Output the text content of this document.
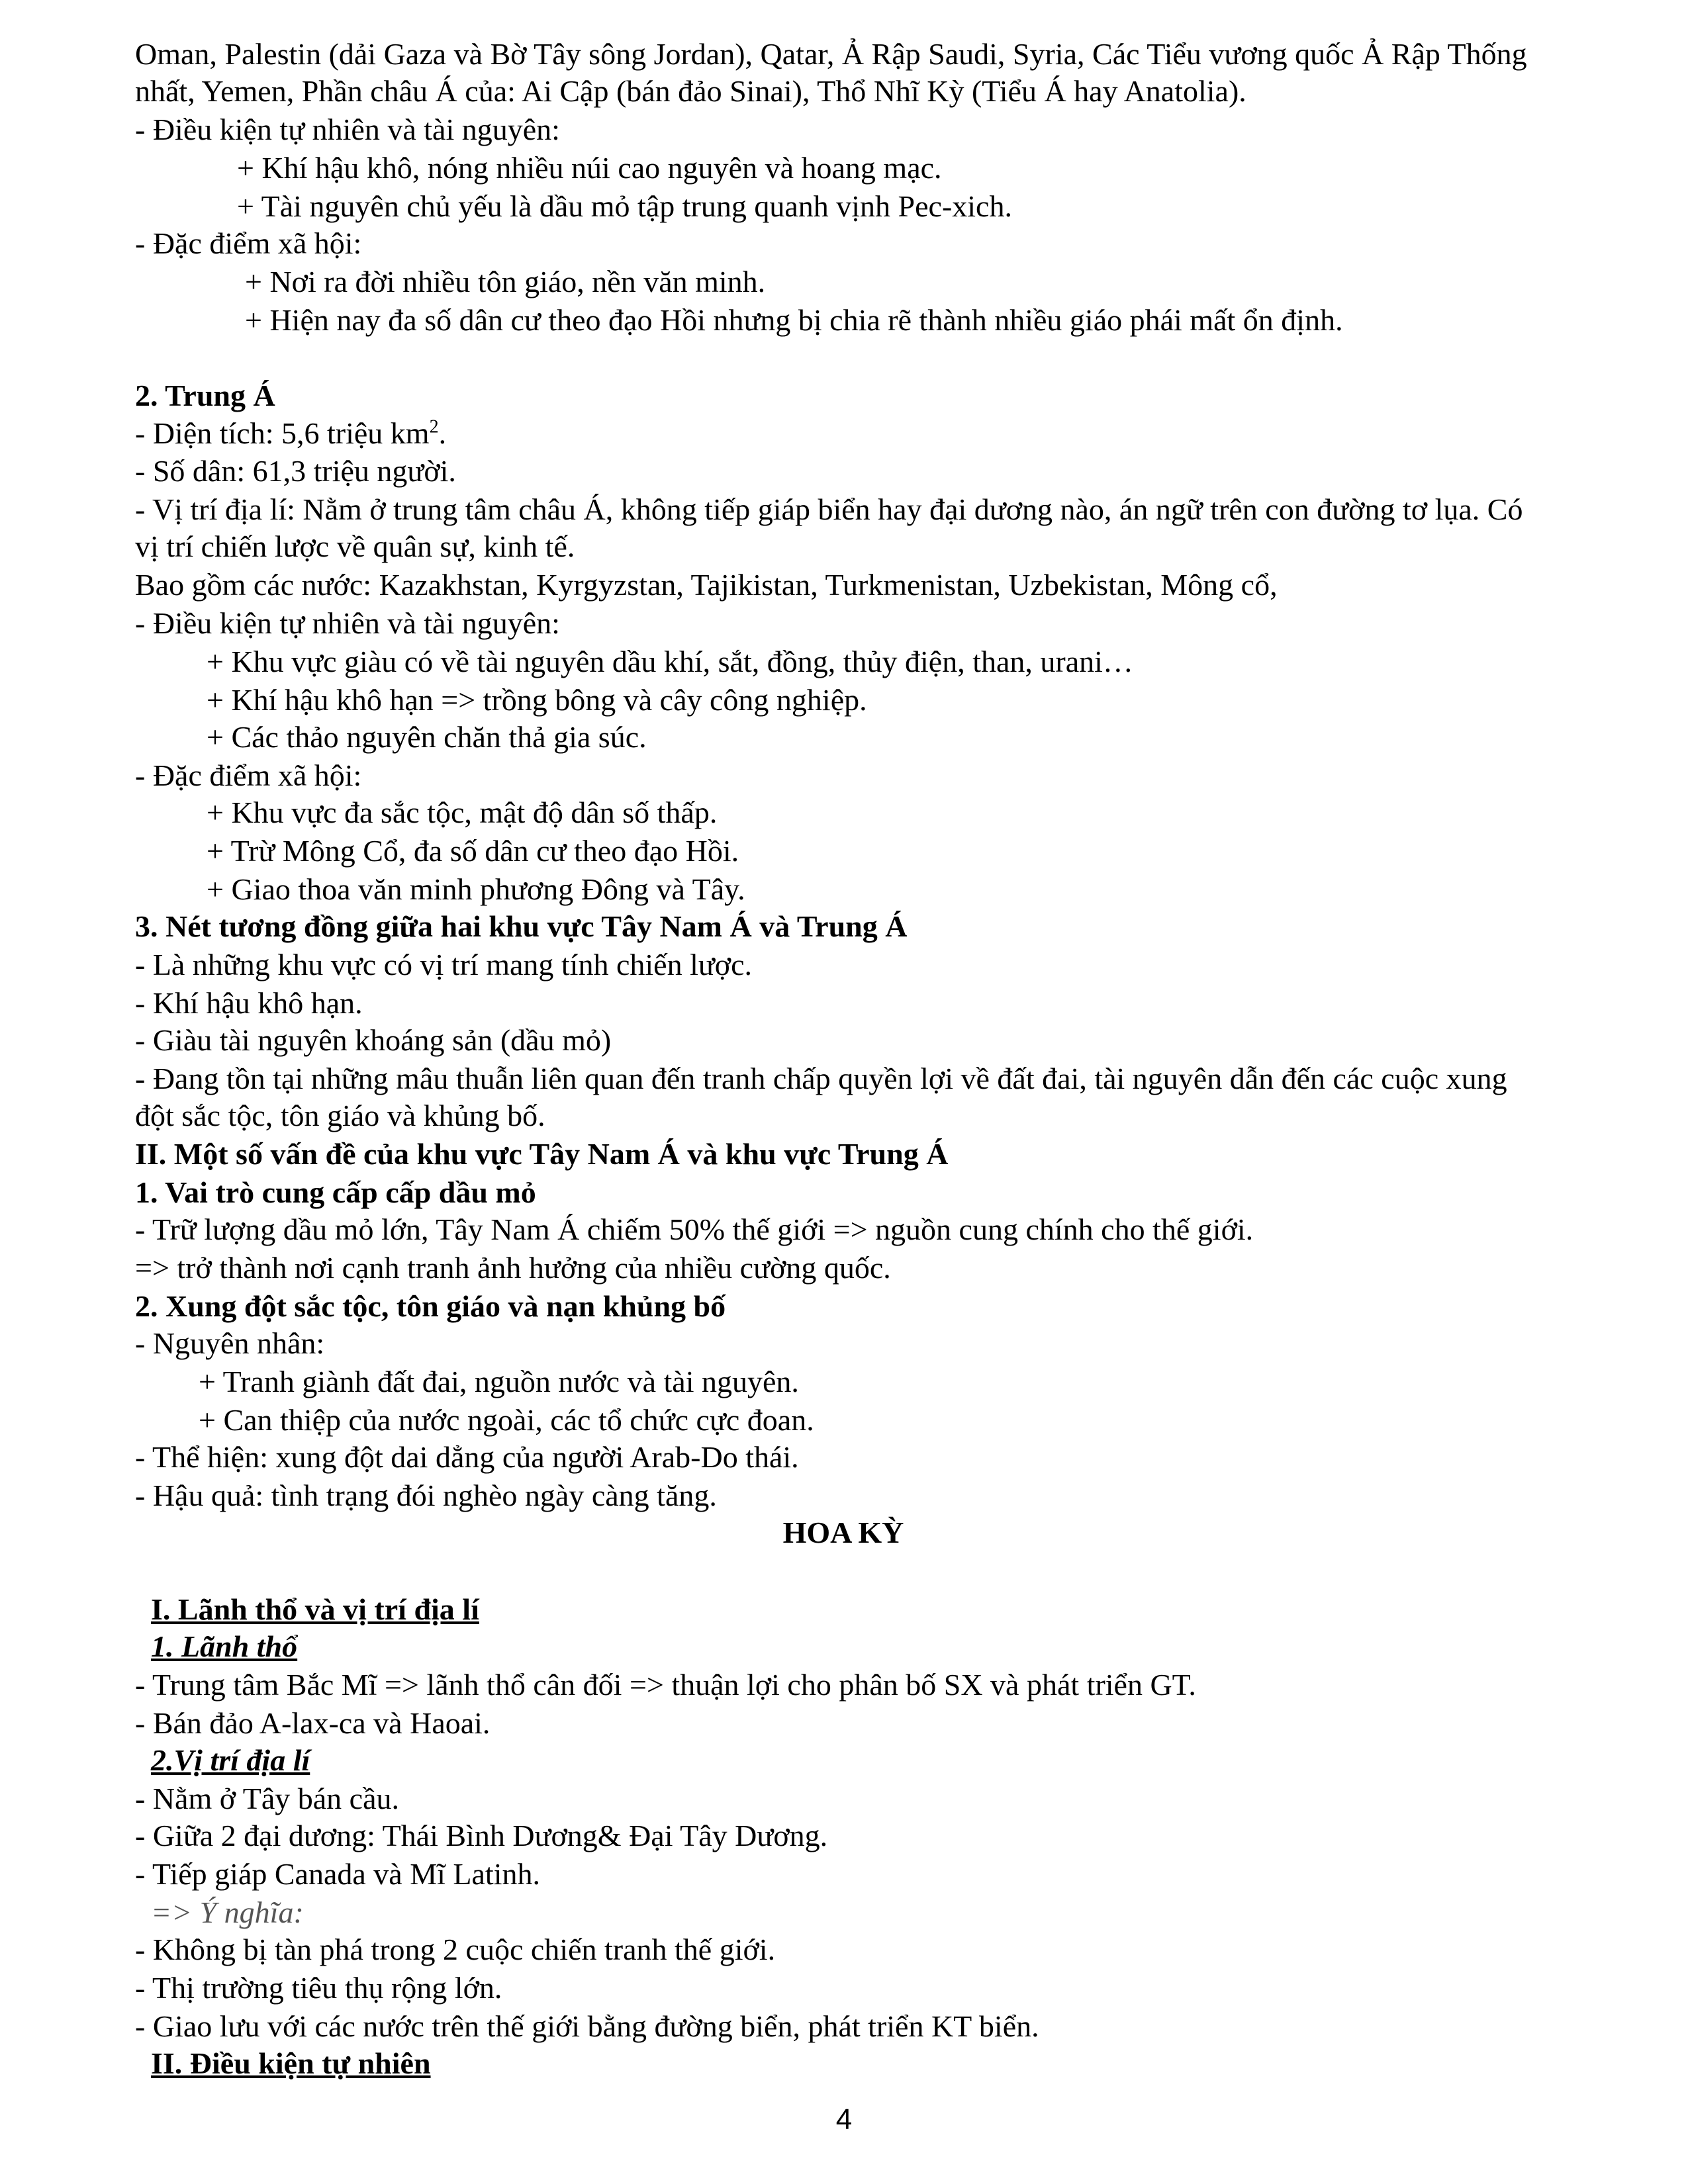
Oman, Palestin (dải Gaza và Bờ Tây sông Jordan), Qatar, Ả Rập Saudi, Syria, Các Tiểu vương quốc Ả Rập Thống nhất, Yemen, Phần châu Á của: Ai Cập (bán đảo Sinai), Thổ Nhĩ Kỳ (Tiểu Á hay Anatolia).
- Điều kiện tự nhiên và tài nguyên:
+ Khí hậu khô, nóng nhiều núi cao nguyên và hoang mạc.
+ Tài nguyên chủ yếu là dầu mỏ tập trung quanh vịnh Pec-xich.
- Đặc điểm xã hội:
+ Nơi ra đời nhiều tôn giáo, nền văn minh.
+ Hiện nay đa số dân cư theo đạo Hồi nhưng bị chia rẽ thành nhiều giáo phái mất ổn định.
2. Trung Á
- Diện tích: 5,6 triệu $km^2$.
- Số dân: 61,3 triệu người.
- Vị trí địa lí: Nằm ở trung tâm châu Á, không tiếp giáp biển hay đại dương nào, án ngữ trên con đường tơ lụa. Có vị trí chiến lược về quân sự, kinh tế.
Bao gồm các nước: Kazakhstan, Kyrgyzstan, Tajikistan, Turkmenistan, Uzbekistan, Mông cổ,
- Điều kiện tự nhiên và tài nguyên:
+ Khu vực giàu có về tài nguyên dầu khí, sắt, đồng, thủy điện, than, urani…
+ Khí hậu khô hạn => trồng bông và cây công nghiệp.
+ Các thảo nguyên chăn thả gia súc.
- Đặc điểm xã hội:
+ Khu vực đa sắc tộc, mật độ dân số thấp.
+ Trừ Mông Cổ, đa số dân cư theo đạo Hồi.
+ Giao thoa văn minh phương Đông và Tây.
3. Nét tương đồng giữa hai khu vực Tây Nam Á và Trung Á
- Là những khu vực có vị trí mang tính chiến lược.
- Khí hậu khô hạn.
- Giàu tài nguyên khoáng sản (dầu mỏ)
- Đang tồn tại những mâu thuẫn liên quan đến tranh chấp quyền lợi về đất đai, tài nguyên dẫn đến các cuộc xung đột sắc tộc, tôn giáo và khủng bố.
II. Một số vấn đề của khu vực Tây Nam Á và khu vực Trung Á
1. Vai trò cung cấp cấp dầu mỏ
- Trữ lượng dầu mỏ lớn, Tây Nam Á chiếm 50% thế giới => nguồn cung chính cho thế giới.
=> trở thành nơi cạnh tranh ảnh hưởng của nhiều cường quốc.
2. Xung đột sắc tộc, tôn giáo và nạn khủng bố
- Nguyên nhân:
+ Tranh giành đất đai, nguồn nước và tài nguyên.
+ Can thiệp của nước ngoài, các tổ chức cực đoan.
- Thể hiện: xung đột dai dẳng của người Arab-Do thái.
- Hậu quả: tình trạng đói nghèo ngày càng tăng.
HOA KỲ
I. Lãnh thổ và vị trí địa lí
1. Lãnh thổ
- Trung tâm Bắc Mĩ => lãnh thổ cân đối => thuận lợi cho phân bố SX và phát triển GT.
- Bán đảo A-lax-ca và Haoai.
2.Vị trí địa lí
- Nằm ở Tây bán cầu.
- Giữa 2 đại dương: Thái Bình Dương& Đại Tây Dương.
- Tiếp giáp Canada và Mĩ Latinh.
=> Ý nghĩa:
- Không bị tàn phá trong 2 cuộc chiến tranh thế giới.
- Thị trường tiêu thụ rộng lớn.
- Giao lưu với các nước trên thế giới bằng đường biển, phát triển KT biển.
II. Điều kiện tự nhiên
4
